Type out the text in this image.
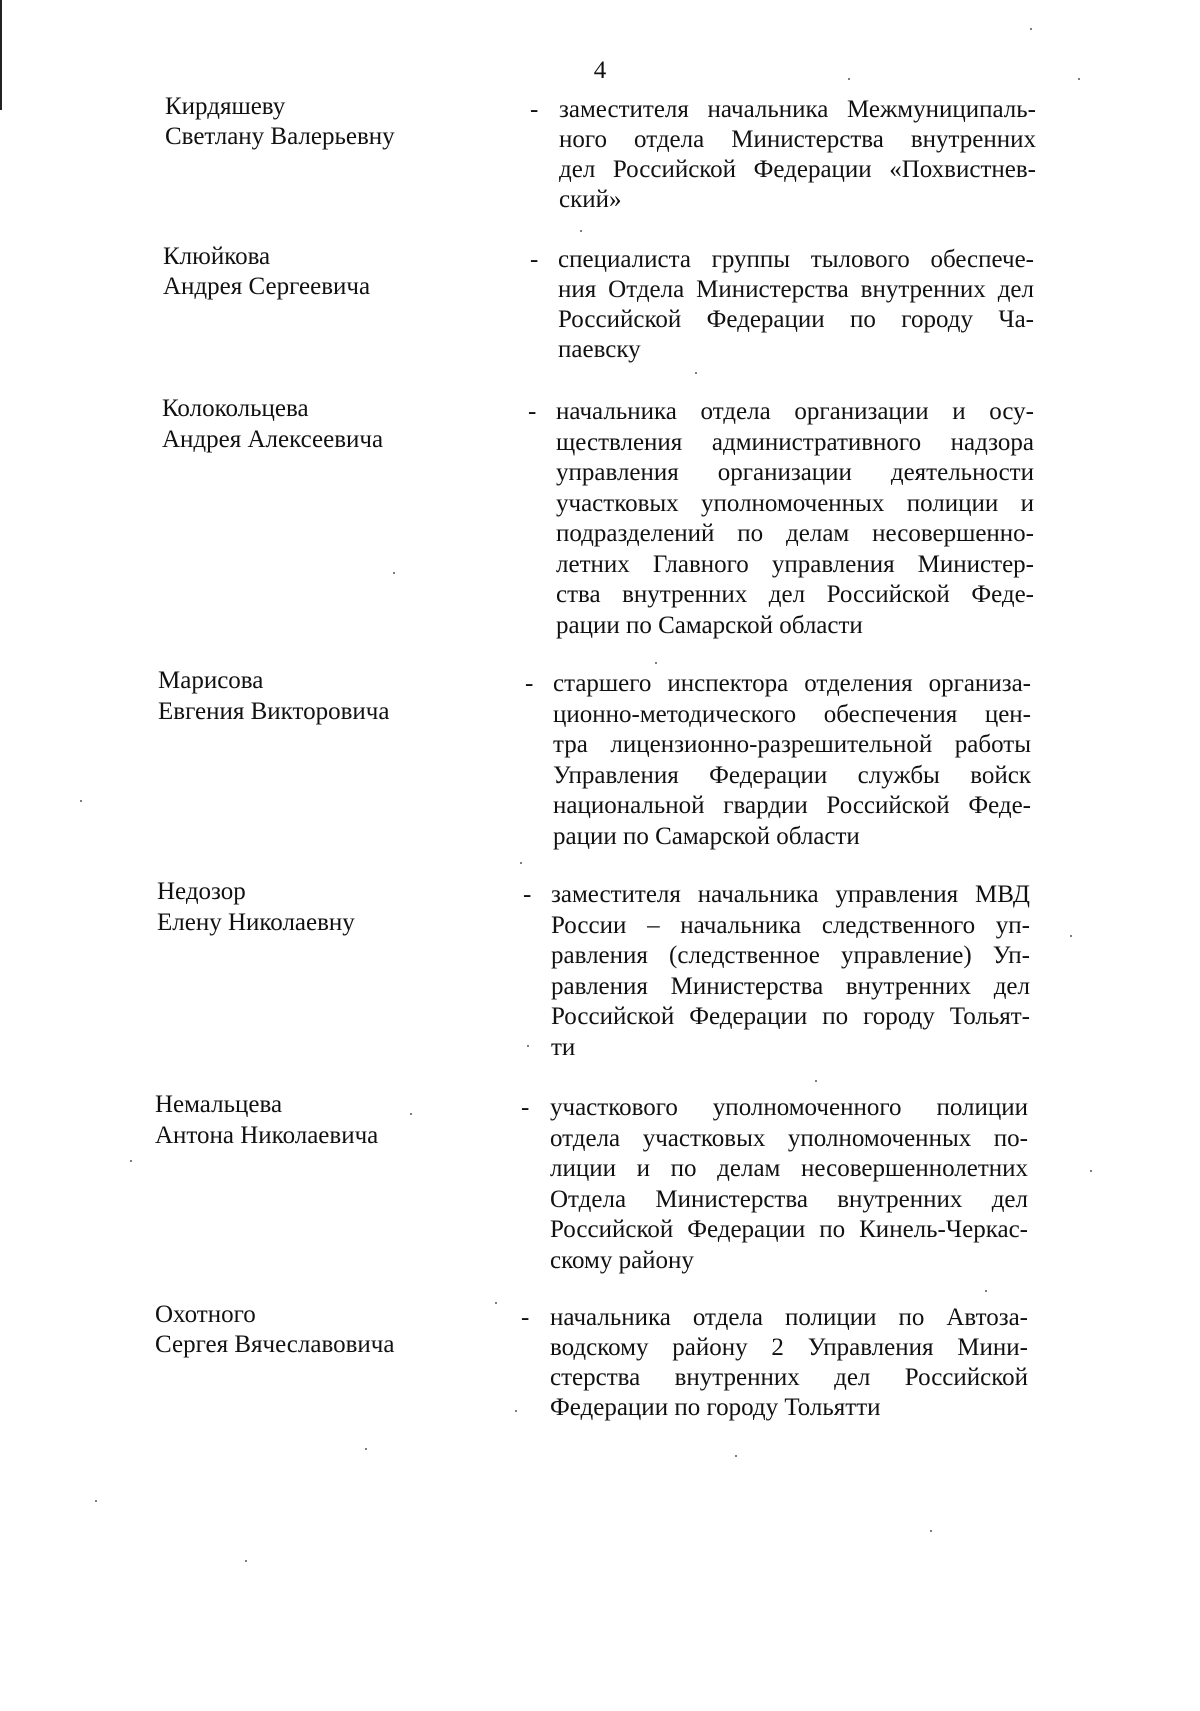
4
Кирдяшеву
Светлану Валерьевну
- заместителя начальника Межмуниципаль-
ного отдела Министерства внутренних
дел Российской Федерации «Похвистнев-
ский»
Клюйкова
Андрея Сергеевича
- специалиста группы тылового обеспече-
ния Отдела Министерства внутренних дел
Российской Федерации по городу Ча-
паевску
Колокольцева
Андрея Алексеевича
- начальника отдела организации и осу-
ществления административного надзора
управления организации деятельности
участковых уполномоченных полиции и
подразделений по делам несовершенно-
летних Главного управления Министер-
ства внутренних дел Российской Феде-
рации по Самарской области
Марисова
Евгения Викторовича
- старшего инспектора отделения организа-
ционно-методического обеспечения цен-
тра лицензионно-разрешительной работы
Управления Федерации службы войск
национальной гвардии Российской Феде-
рации по Самарской области
Недозор
Елену Николаевну
- заместителя начальника управления МВД
России – начальника следственного уп-
равления (следственное управление) Уп-
равления Министерства внутренних дел
Российской Федерации по городу Тольят-
ти
Немальцева
Антона Николаевича
- участкового уполномоченного полиции
отдела участковых уполномоченных по-
лиции и по делам несовершеннолетних
Отдела Министерства внутренних дел
Российской Федерации по Кинель-Черкас-
скому району
Охотного
Сергея Вячеславовича
- начальника отдела полиции по Автоза-
водскому району 2 Управления Мини-
стерства внутренних дел Российской
Федерации по городу Тольятти
